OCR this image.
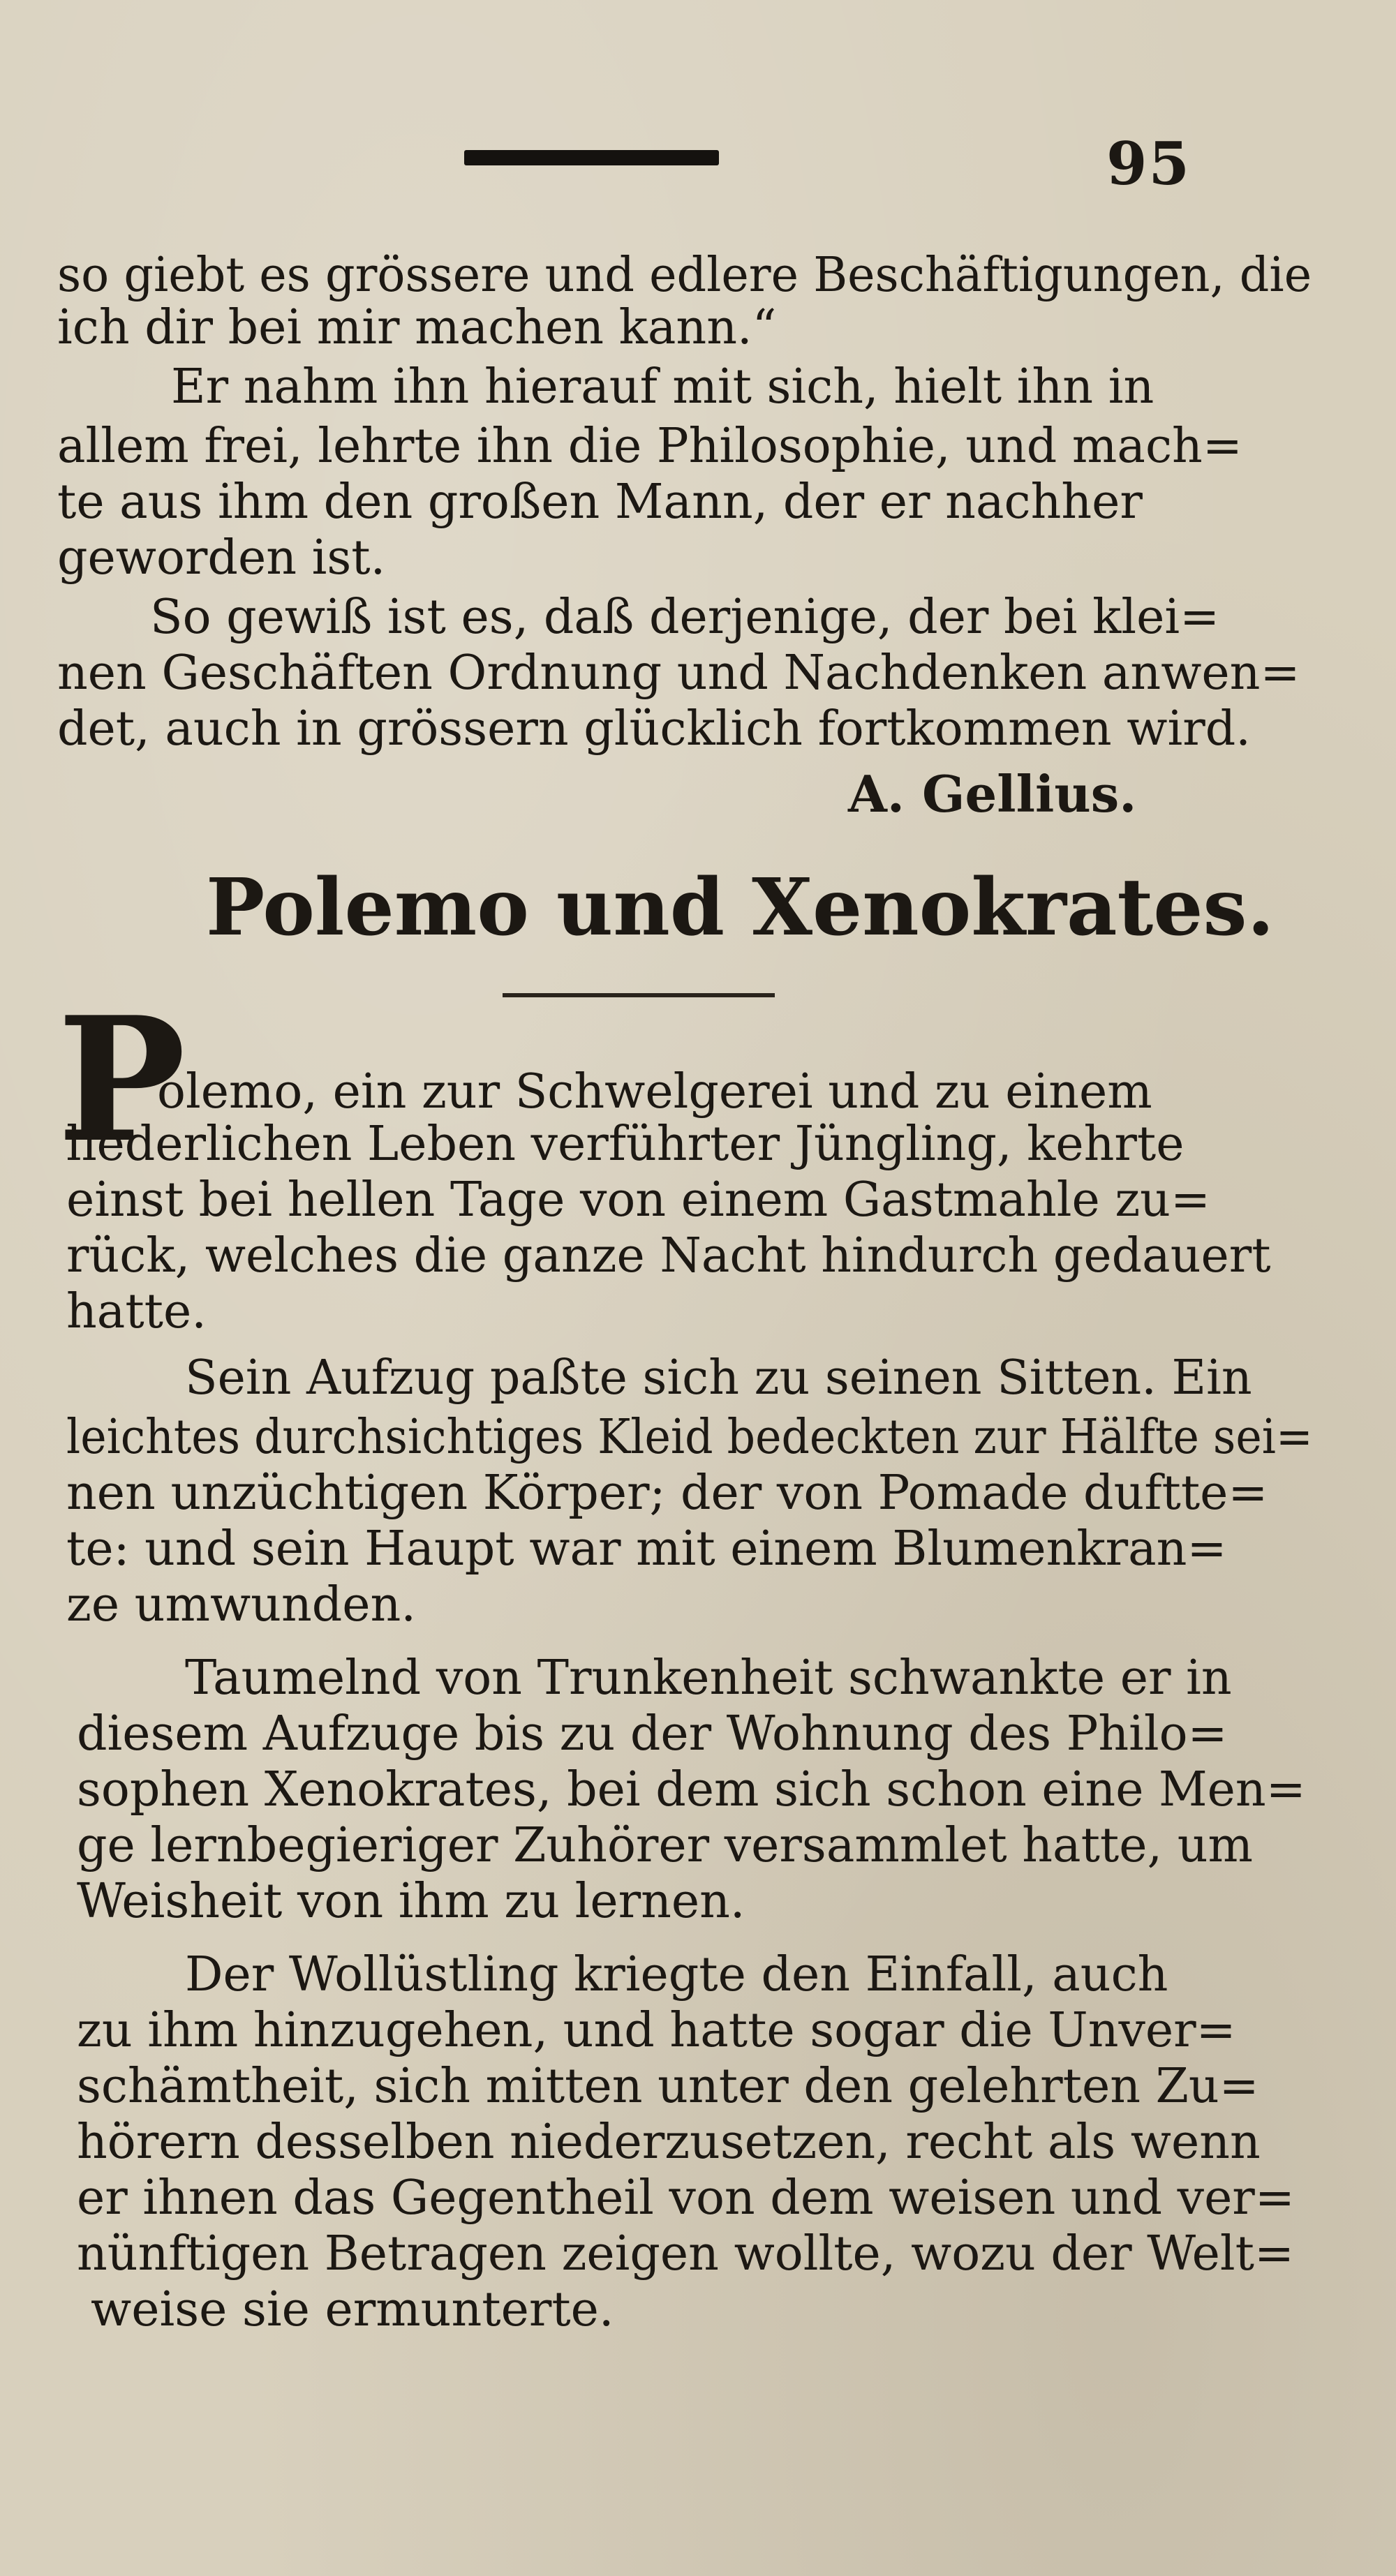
95
so giebt es grössere und edlere Beschäftigungen, die
ich dir bei mir machen kann.“
Er nahm ihn hierauf mit sich, hielt ihn in
allem frei, lehrte ihn die Philosophie, und mach=
te aus ihm den großen Mann, der er nachher
geworden ist.
So gewiß ist es, daß derjenige, der bei klei=
nen Geschäften Ordnung und Nachdenken anwen=
det, auch in grössern glücklich fortkommen wird.
A. Gellius.
Polemo und Xenokrates.
P
olemo, ein zur Schwelgerei und zu einem
liederlichen Leben verführter Jüngling, kehrte
einst bei hellen Tage von einem Gastmahle zu=
rück, welches die ganze Nacht hindurch gedauert
hatte.
Sein Aufzug paßte sich zu seinen Sitten. Ein
leichtes durchsichtiges Kleid bedeckten zur Hälfte sei=
nen unzüchtigen Körper; der von Pomade duftte=
te: und sein Haupt war mit einem Blumenkran=
ze umwunden.
Taumelnd von Trunkenheit schwankte er in
diesem Aufzuge bis zu der Wohnung des Philo=
sophen Xenokrates, bei dem sich schon eine Men=
ge lernbegieriger Zuhörer versammlet hatte, um
Weisheit von ihm zu lernen.
Der Wollüstling kriegte den Einfall, auch
zu ihm hinzugehen, und hatte sogar die Unver=
schämtheit, sich mitten unter den gelehrten Zu=
hörern desselben niederzusetzen, recht als wenn
er ihnen das Gegentheil von dem weisen und ver=
nünftigen Betragen zeigen wollte, wozu der Welt=
weise sie ermunterte.
